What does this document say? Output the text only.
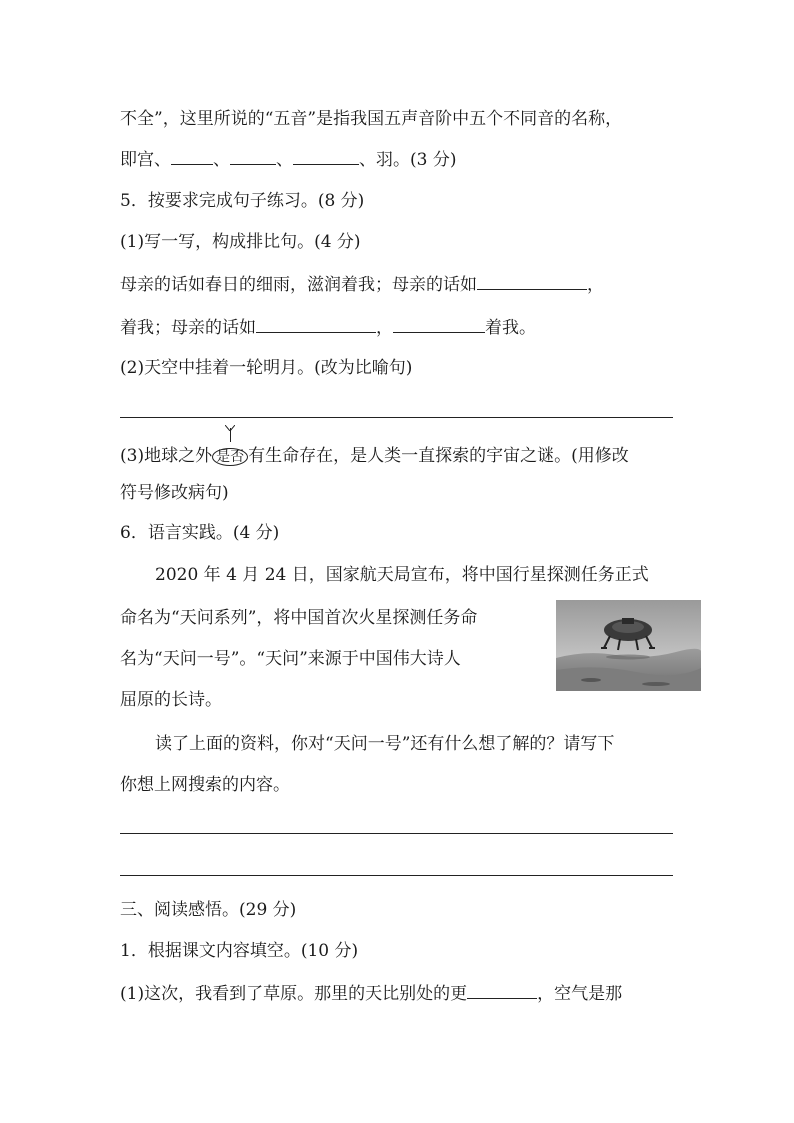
不全”，这里所说的“五音”是指我国五声音阶中五个不同音的名称，
即宫、 、	、	、羽。(3 分)
5．按要求完成句子练习。(8 分)
(1)写一写，构成排比句。(4 分)
母亲的话如春日的细雨，滋润着我；母亲的话如	，
着我；母亲的话如	，	着我。
(2)天空中挂着一轮明月。(改为比喻句)
(3)地球之外 是否 有生命存在，是人类一直探索的宇宙之谜。(用修改
符号修改病句)
6．语言实践。(4 分)
2020 年 4 月 24 日，国家航天局宣布，将中国行星探测任务正式
命名为“天问系列”，将中国首次火星探测任务命
名为“天问一号”。“天问”来源于中国伟大诗人
屈原的长诗。
读了上面的资料，你对“天问一号”还有什么想了解的？请写下
你想上网搜索的内容。
三、阅读感悟。(29 分)
1．根据课文内容填空。(10 分)
(1)这次，我看到了草原。那里的天比别处的更	，空气是那
